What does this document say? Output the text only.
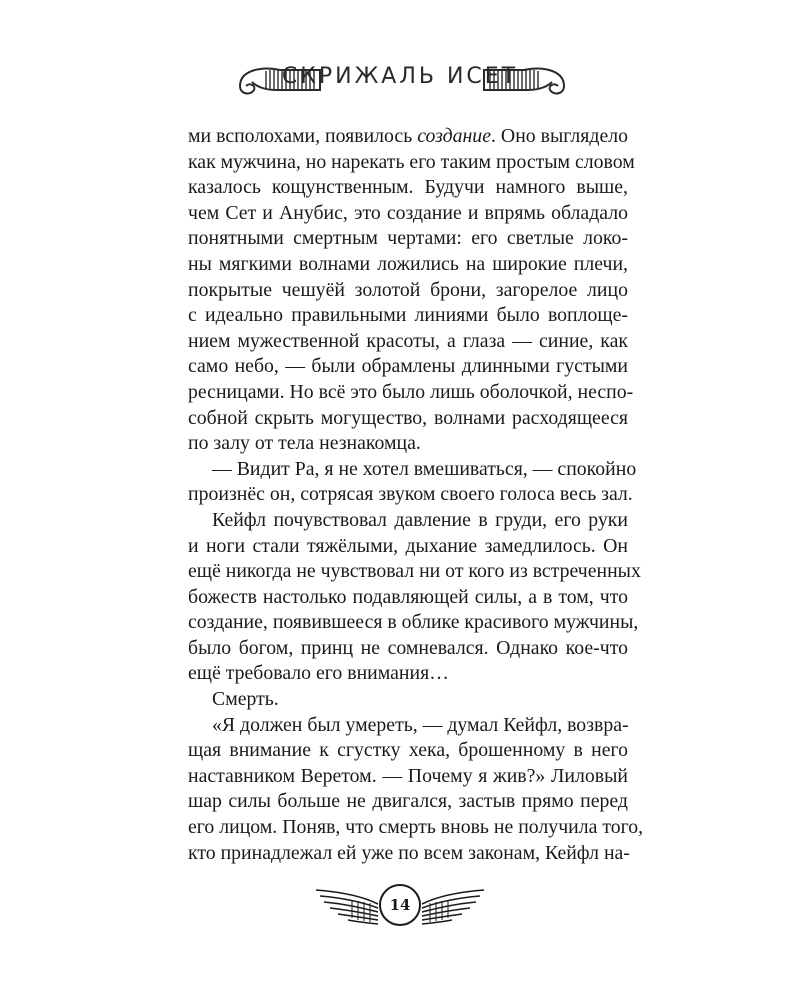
СКРИЖАЛЬ ИСЕТ
ми всполохами, появилось создание. Оно выглядело
как мужчина, но нарекать его таким простым словом
казалось кощунственным. Будучи намного выше,
чем Сет и Анубис, это создание и впрямь обладало
понятными смертным чертами: его светлые локо-
ны мягкими волнами ложились на широкие плечи,
покрытые чешуёй золотой брони, загорелое лицо
с идеально правильными линиями было воплоще-
нием мужественной красоты, а глаза — синие, как
само небо, — были обрамлены длинными густыми
ресницами. Но всё это было лишь оболочкой, неспо-
собной скрыть могущество, волнами расходящееся
по залу от тела незнакомца.
— Видит Ра, я не хотел вмешиваться, — спокойно
произнёс он, сотрясая звуком своего голоса весь зал.
Кейфл почувствовал давление в груди, его руки
и ноги стали тяжёлыми, дыхание замедлилось. Он
ещё никогда не чувствовал ни от кого из встреченных
божеств настолько подавляющей силы, а в том, что
создание, появившееся в облике красивого мужчины,
было богом, принц не сомневался. Однако кое-что
ещё требовало его внимания…
Смерть.
«Я должен был умереть, — думал Кейфл, возвра-
щая внимание к сгустку хека, брошенному в него
наставником Веретом. — Почему я жив?» Лиловый
шар силы больше не двигался, застыв прямо перед
его лицом. Поняв, что смерть вновь не получила того,
кто принадлежал ей уже по всем законам, Кейфл на-
14
